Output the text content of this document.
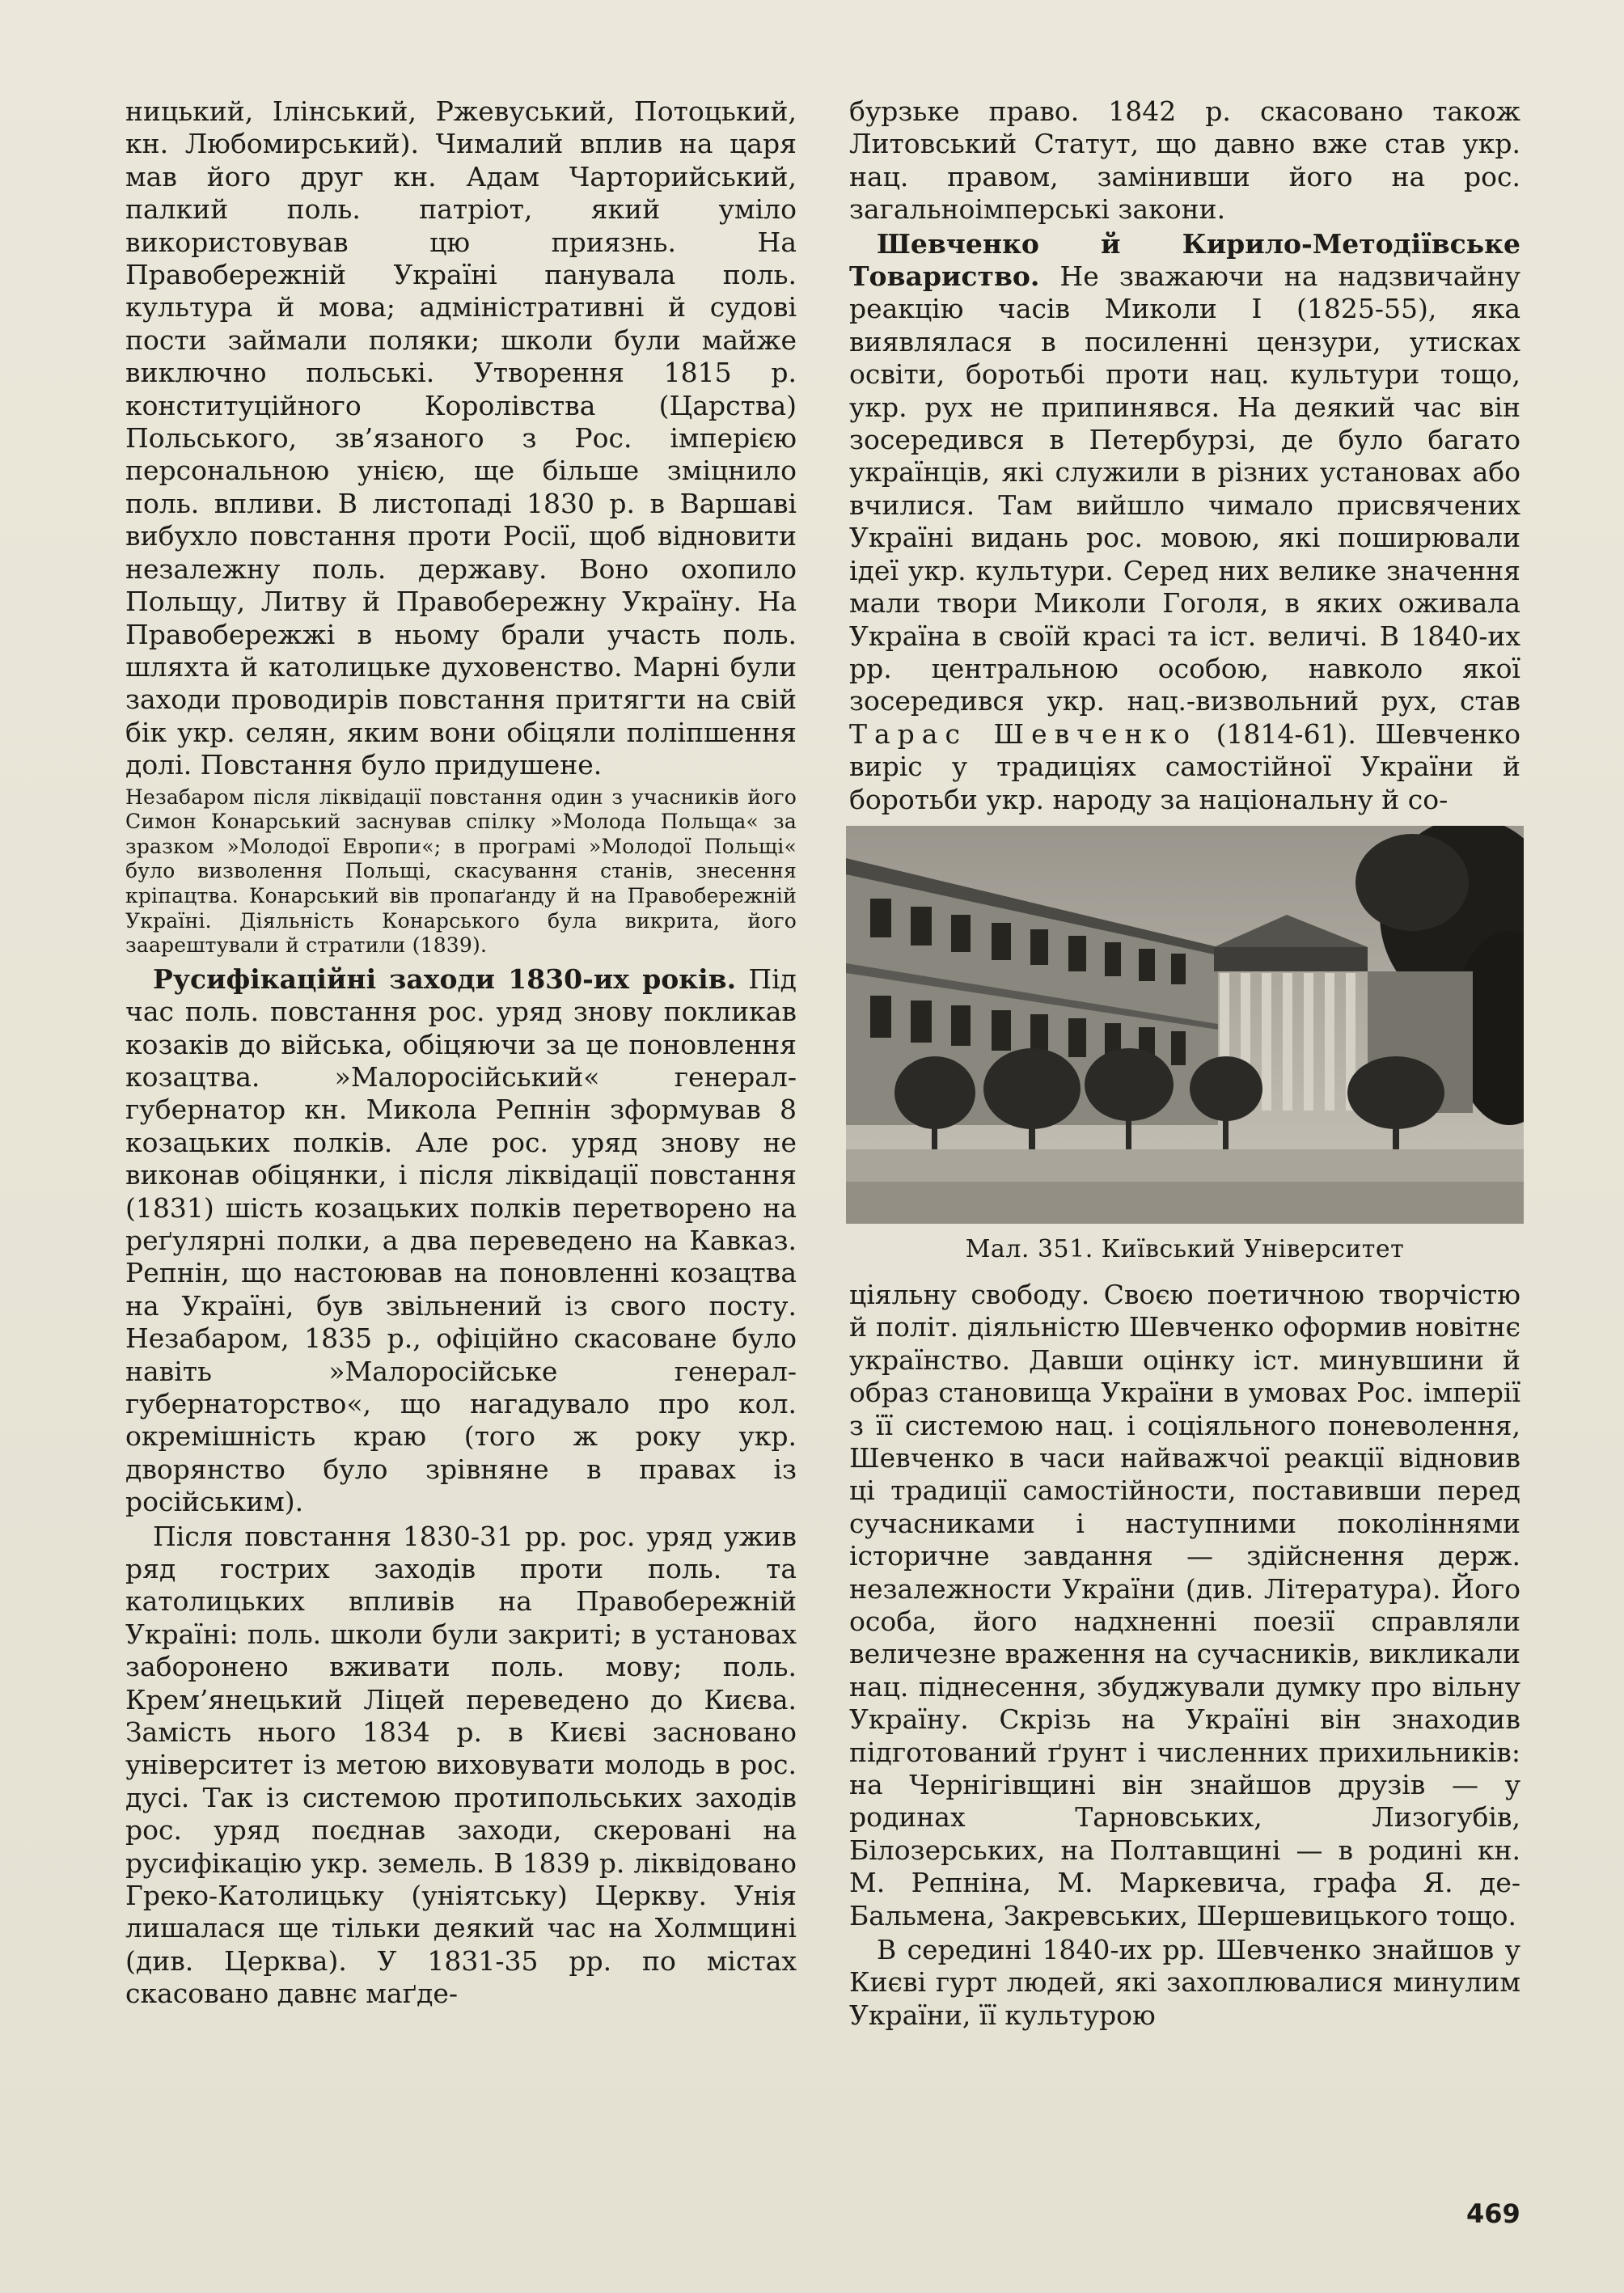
ницький, Ілінський, Ржевуський, Потоцький, кн. Любомирський). Чималий вплив на царя мав його друг кн. Адам Чарторийський, палкий поль. патріот, який уміло використовував цю приязнь. На Правобережній Україні панувала поль. культура й мова; адміністративні й судові пости займали поляки; школи були майже виключно польські. Утворення 1815 р. конституційного Королівства (Царства) Польського, зв’язаного з Рос. імперією персональною унією, ще більше зміцнило поль. впливи. В листопаді 1830 р. в Варшаві вибухло повстання проти Росії, щоб відновити незалежну поль. державу. Воно охопило Польщу, Литву й Правобережну Україну. На Правобережжі в ньому брали участь поль. шляхта й католицьке духовенство. Марні були заходи проводирів повстання притягти на свій бік укр. селян, яким вони обіцяли поліпшення долі. Повстання було придушене.

Незабаром після ліквідації повстання один з учасників його Симон Конарський заснував спілку »Молода Польща« за зразком »Молодої Европи«; в програмі »Молодої Польщі« було визволення Польщі, скасування станів, знесення кріпацтва. Конарський вів пропаґанду й на Правобережній Україні. Діяльність Конарського була викрита, його заарештували й стратили (1839).

Русифікаційні заходи 1830-их років. Під час поль. повстання рос. уряд знову покликав козаків до війська, обіцяючи за це поновлення козацтва. »Малоросійський« генерал-губернатор кн. Микола Репнін зформував 8 козацьких полків. Але рос. уряд знову не виконав обіцянки, і після ліквідації повстання (1831) шість козацьких полків перетворено на реґулярні полки, а два переведено на Кавказ. Репнін, що настоював на поновленні козацтва на Україні, був звільнений із свого посту. Незабаром, 1835 р., офіційно скасоване було навіть »Малоросійське генерал-губернаторство«, що нагадувало про кол. окремішність краю (того ж року укр. дворянство було зрівняне в правах із російським).

Після повстання 1830-31 рр. рос. уряд ужив ряд гострих заходів проти поль. та католицьких впливів на Правобережній Україні: поль. школи були закриті; в установах заборонено вживати поль. мову; поль. Крем’янецький Ліцей переведено до Києва. Замість нього 1834 р. в Києві засновано університет із метою виховувати молодь в рос. дусі. Так із системою протипольських заходів рос. уряд поєднав заходи, скеровані на русифікацію укр. земель. В 1839 р. ліквідовано Греко-Католицьку (уніятську) Церкву. Унія лишалася ще тільки деякий час на Холмщині (див. Церква). У 1831-35 рр. по містах скасовано давнє маґде-

бурзьке право. 1842 р. скасовано також Литовський Статут, що давно вже став укр. нац. правом, замінивши його на рос. загальноімперські закони.

Шевченко й Кирило-Методіївське Товариство. Не зважаючи на надзвичайну реакцію часів Миколи І (1825-55), яка виявлялася в посиленні цензури, утисках освіти, боротьбі проти нац. культури тощо, укр. рух не припинявся. На деякий час він зосередився в Петербурзі, де було багато українців, які служили в різних установах або вчилися. Там вийшло чимало присвячених Україні видань рос. мовою, які поширювали ідеї укр. культури. Серед них велике значення мали твори Миколи Гоголя, в яких оживала Україна в своїй красі та іст. величі. В 1840-их рр. центральною особою, навколо якої зосередився укр. нац.-визвольний рух, став Тарас Шевченко (1814-61). Шевченко виріс у традиціях самостійної України й боротьби укр. народу за національну й со-

Мал. 351. Київський Університет

ціяльну свободу. Своєю поетичною творчістю й політ. діяльністю Шевченко оформив новітнє українство. Давши оцінку іст. минувшини й образ становища України в умовах Рос. імперії з її системою нац. і соціяльного поневолення, Шевченко в часи найважчої реакції відновив ці традиції самостійности, поставивши перед сучасниками і наступними поколіннями історичне завдання — здійснення держ. незалежности України (див. Література). Його особа, його надхненні поезії справляли величезне враження на сучасників, викликали нац. піднесення, збуджували думку про вільну Україну. Скрізь на Україні він знаходив підготований ґрунт і численних прихильників: на Чернігівщині він знайшов друзів — у родинах Тарновських, Лизогубів, Білозерських, на Полтавщині — в родині кн. М. Репніна, М. Маркевича, графа Я. де-Бальмена, Закревських, Шершевицького тощо.

В середині 1840-их рр. Шевченко знайшов у Києві гурт людей, які захоплювалися минулим України, її культурою

469
